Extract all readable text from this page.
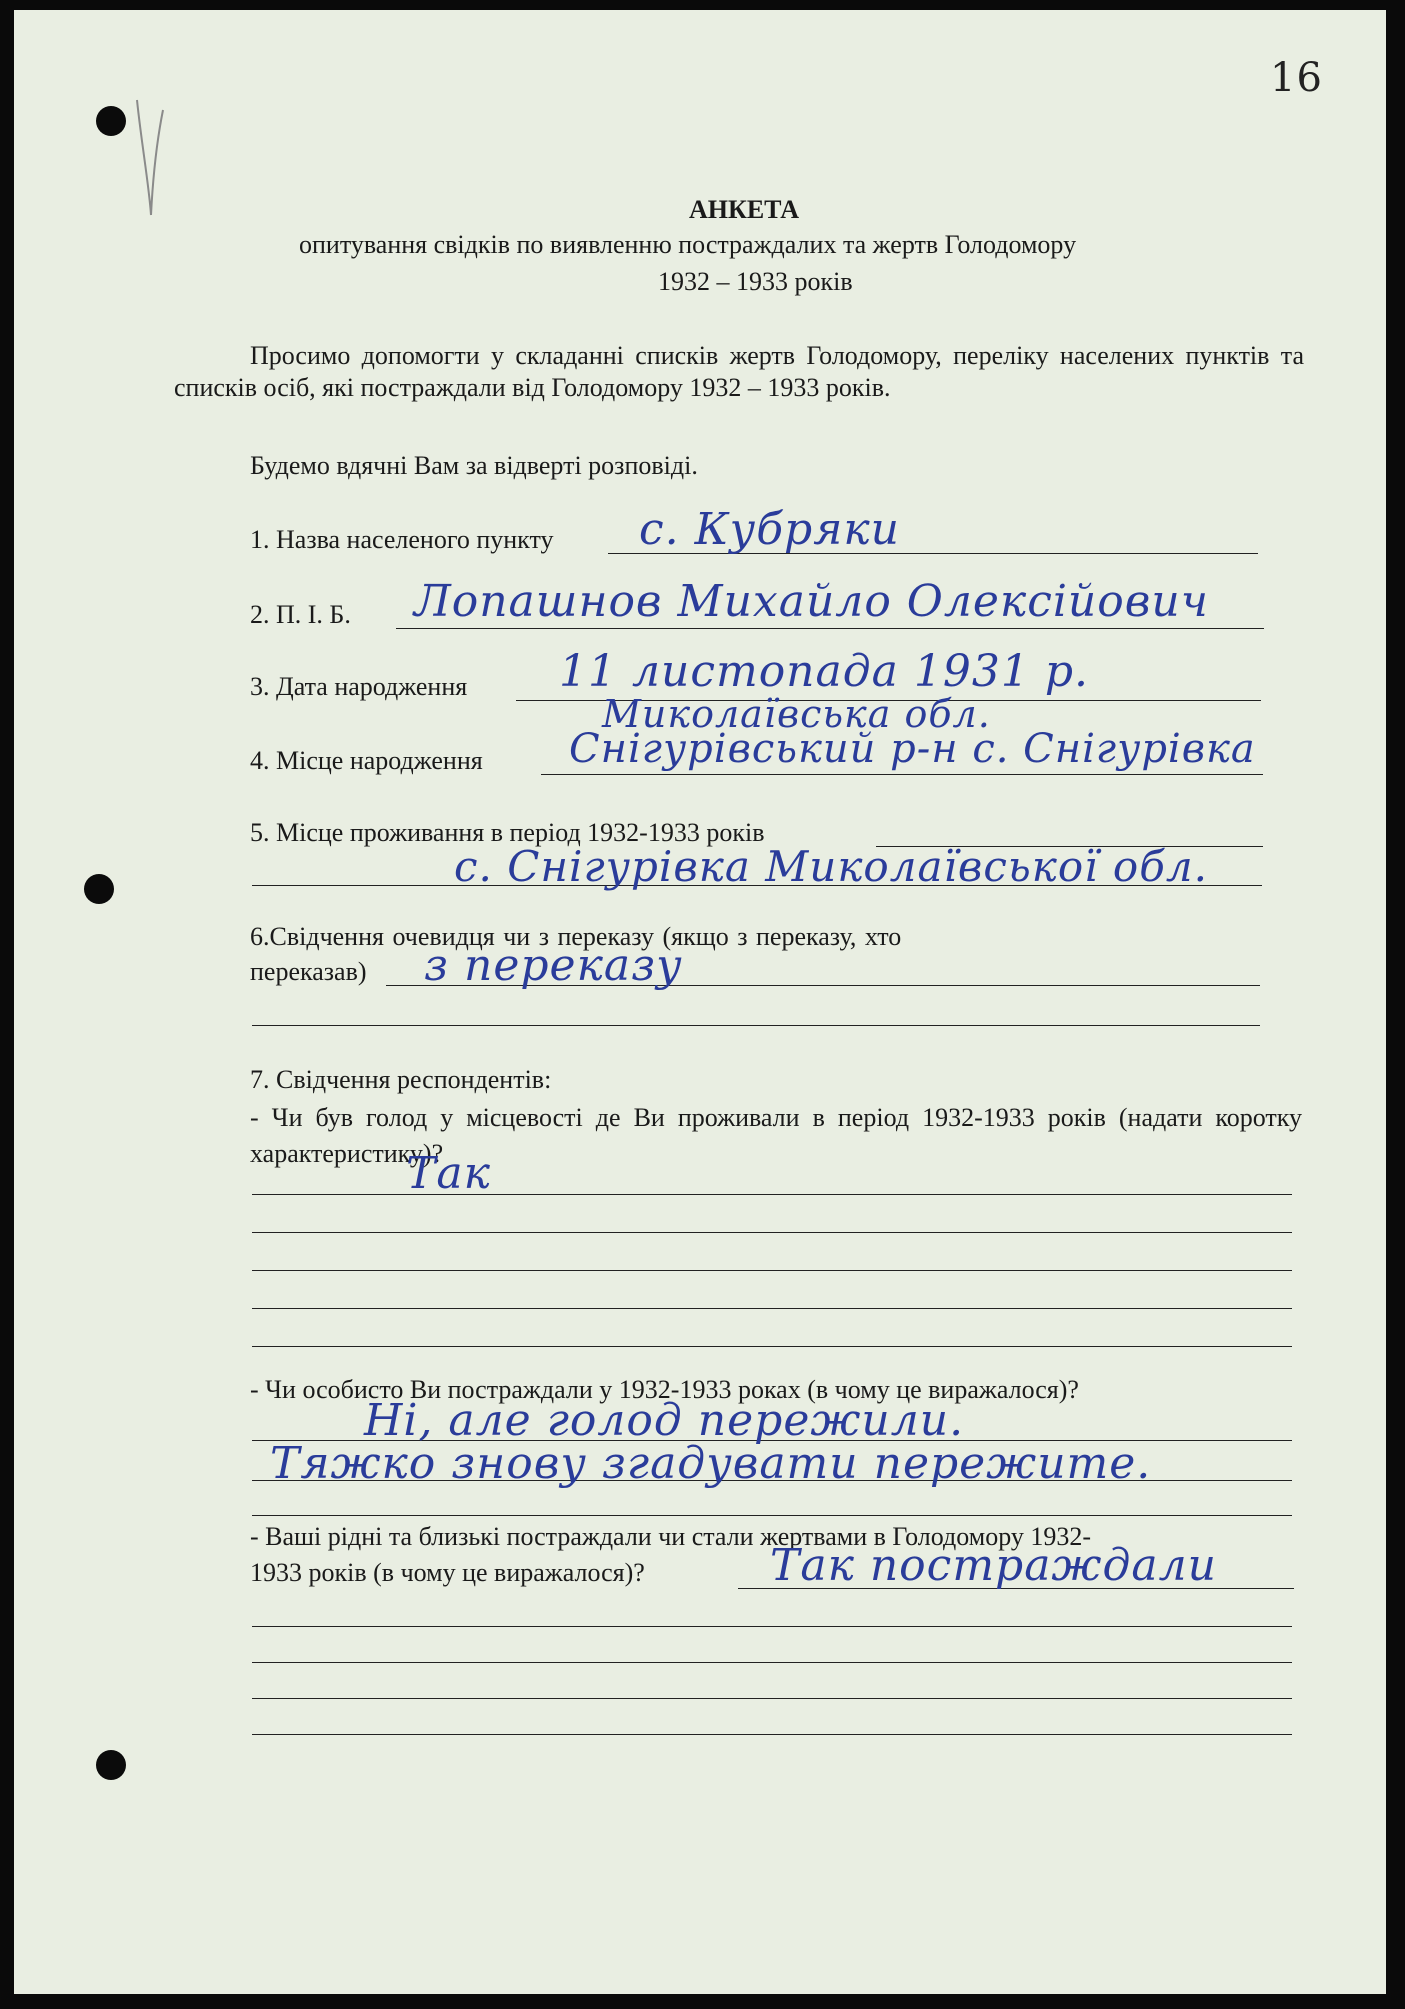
16
АНКЕТА
опитування свідків по виявленню постраждалих та жертв Голодомору
1932 – 1933 років
Просимо допомогти у складанні списків жертв Голодомору, переліку населених пунктів та списків осіб, які постраждали від Голодомору 1932 – 1933 років.
Будемо вдячні Вам за відверті розповіді.
1. Назва населеного пункту с. Кубряки
2. П. І. Б. Лопашнов Михайло Олексійович
3. Дата народження 11 листопада 1931 р.
Миколаївська обл.
4. Місце народження Снігурівський р-н с. Снігурівка
5. Місце проживання в період 1932-1933 років
с. Снігурівка Миколаївської обл.
6.Свідчення очевидця чи з переказу (якщо з переказу, хто
переказав) з переказу
7. Свідчення респондентів:
- Чи був голод у місцевості де Ви проживали в період 1932-1933 років (надати коротку характеристику)?
Так
- Чи особисто Ви постраждали у 1932-1933 роках (в чому це виражалося)?
Ні, але голод пережили.
Тяжко знову згадувати пережите.
- Ваші рідні та близькі постраждали чи стали жертвами в Голодомору 1932-
1933 років (в чому це виражалося)?	Так постраждали
